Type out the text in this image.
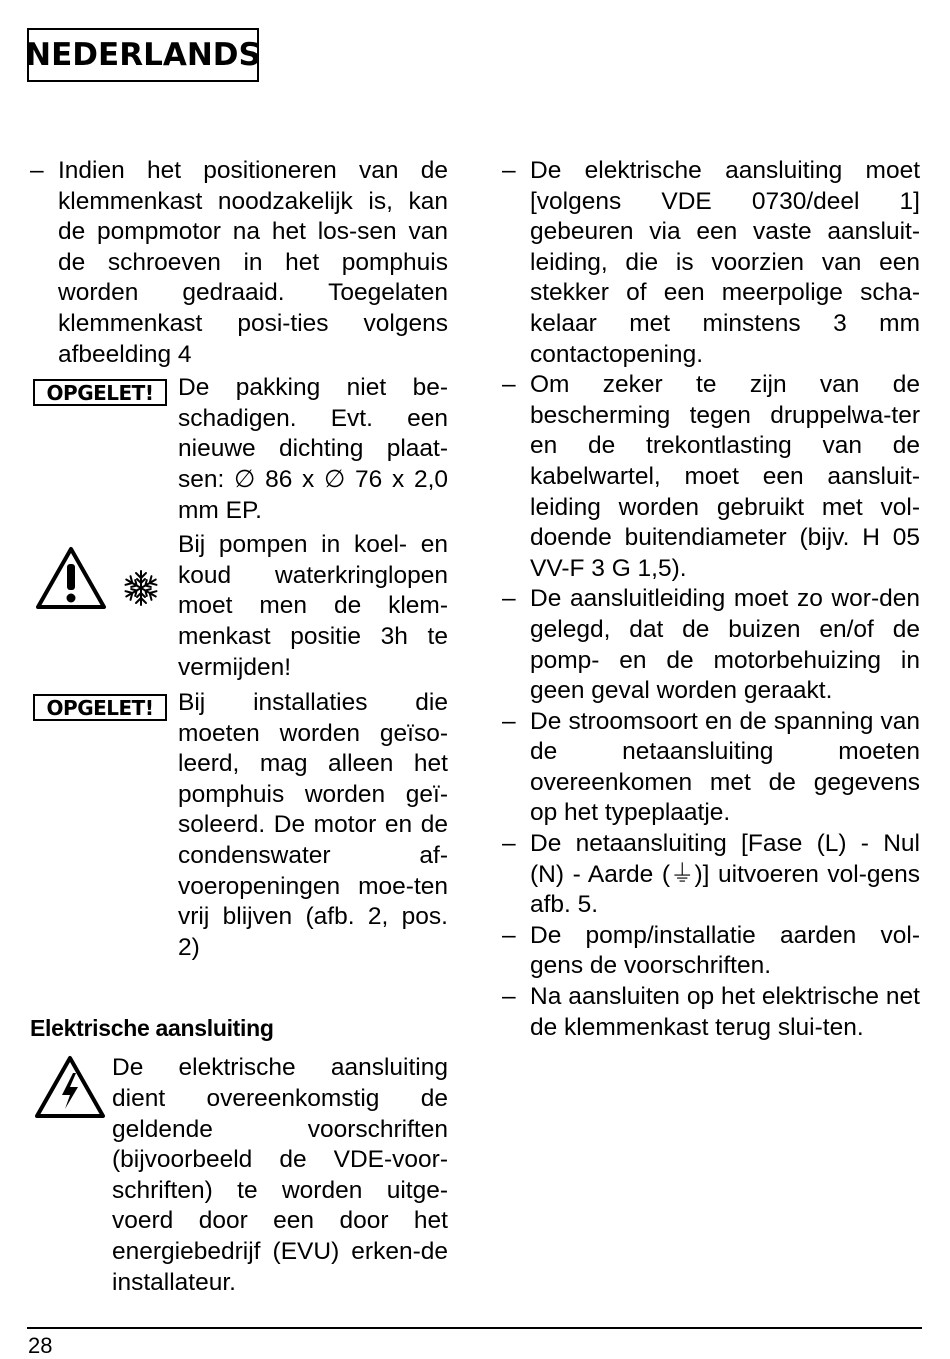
NEDERLANDS
– Indien het positioneren van de klemmenkast noodzakelijk is, kan de pompmotor na het los-sen van de schroeven in het pomphuis worden gedraaid. Toegelaten klemmenkast posi-ties volgens afbeelding 4
OPGELET!	De pakking niet be-schadigen. Evt. een nieuwe dichting plaat-sen: ∅ 86 x ∅ 76 x 2,0 mm EP.
Bij pompen in koel- en koud waterkringlopen moet men de klem-menkast positie 3h te vermijden!
OPGELET!	Bij installaties die moeten worden geïso-leerd, mag alleen het pomphuis worden geï-soleerd. De motor en de condenswater af-voeropeningen moe-ten vrij blijven (afb. 2, pos. 2)
Elektrische aansluiting
De elektrische aansluiting dient overeenkomstig de geldende voorschriften (bijvoorbeeld de VDE-voor-schriften) te worden uitge-voerd door een door het energiebedrijf (EVU) erken-de installateur.
– De elektrische aansluiting moet [volgens VDE 0730/deel 1] gebeuren via een vaste aansluit-leiding, die is voorzien van een stekker of een meerpolige scha-kelaar met minstens 3 mm contactopening.
– Om zeker te zijn van de bescherming tegen druppelwa-ter en de trekontlasting van de kabelwartel, moet een aansluit-leiding worden gebruikt met vol-doende buitendiameter (bijv. H 05 VV-F 3 G 1,5).
– De aansluitleiding moet zo wor-den gelegd, dat de buizen en/of de pomp- en de motorbehuizing in geen geval worden geraakt.
– De stroomsoort en de spanning van de netaansluiting moeten overeenkomen met de gegevens op het typeplaatje.
– De netaansluiting [Fase (L) - Nul (N) - Aarde (⏚)] uitvoeren vol-gens afb. 5.
– De pomp/installatie aarden vol-gens de voorschriften.
– Na aansluiten op het elektrische net de klemmenkast terug slui-ten.
28
